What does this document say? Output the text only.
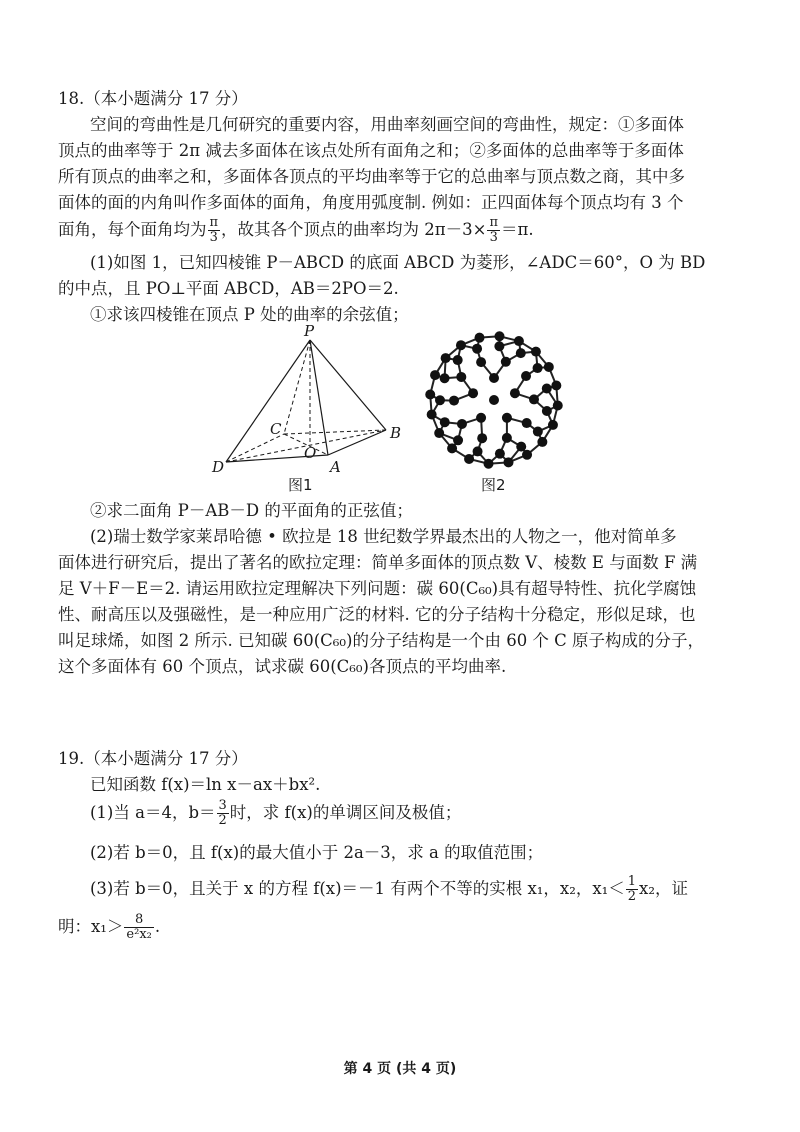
18.（本小题满分 17 分）
空间的弯曲性是几何研究的重要内容，用曲率刻画空间的弯曲性，规定：①多面体
顶点的曲率等于 2π 减去多面体在该点处所有面角之和；②多面体的总曲率等于多面体
所有顶点的曲率之和，多面体各顶点的平均曲率等于它的总曲率与顶点数之商，其中多
面体的面的内角叫作多面体的面角，角度用弧度制. 例如：正四面体每个顶点均有 3 个
面角，每个面角均为 $\frac{\pi}{3}$ ，故其各个顶点的曲率均为 $2\pi-3\times \frac{\pi}{3} =\pi$.
(1)如图 1，已知四棱锥 P－ABCD 的底面 ABCD 为菱形，∠ADC＝60°，O 为 BD
的中点，且 PO⊥平面 ABCD，AB＝2PO＝2.
①求该四棱锥在顶点 P 处的曲率的余弦值；
P
B
C
O
D	A
图1	图2
②求二面角 P－AB－D 的平面角的正弦值；
(2)瑞士数学家莱昂哈德 • 欧拉是 18 世纪数学界最杰出的人物之一，他对简单多
面体进行研究后，提出了著名的欧拉定理：简单多面体的顶点数 V、棱数 E 与面数 F 满
足 V＋F－E＝2. 请运用欧拉定理解决下列问题：碳 60(C₆₀)具有超导特性、抗化学腐蚀
性、耐高压以及强磁性，是一种应用广泛的材料. 它的分子结构十分稳定，形似足球，也
叫足球烯，如图 2 所示. 已知碳 60(C₆₀)的分子结构是一个由 60 个 C 原子构成的分子，
这个多面体有 60 个顶点，试求碳 60(C₆₀)各顶点的平均曲率.
19.（本小题满分 17 分）
已知函数 f(x)＝ln x－ax＋bx².
(1)当 a＝4，$b= \frac{3}{2}$ 时，求 f(x)的单调区间及极值；
(2)若 b＝0，且 f(x)的最大值小于 2a－3，求 a 的取值范围；
(3)若 b＝0，且关于 x 的方程 f(x)＝－1 有两个不等的实根 x₁，x₂，$x_1< \frac{1}{2} x_2$，证
明：$x_1> \frac{8}{\text{e²x₂}}$ .
第 4 页 (共 4 页)
